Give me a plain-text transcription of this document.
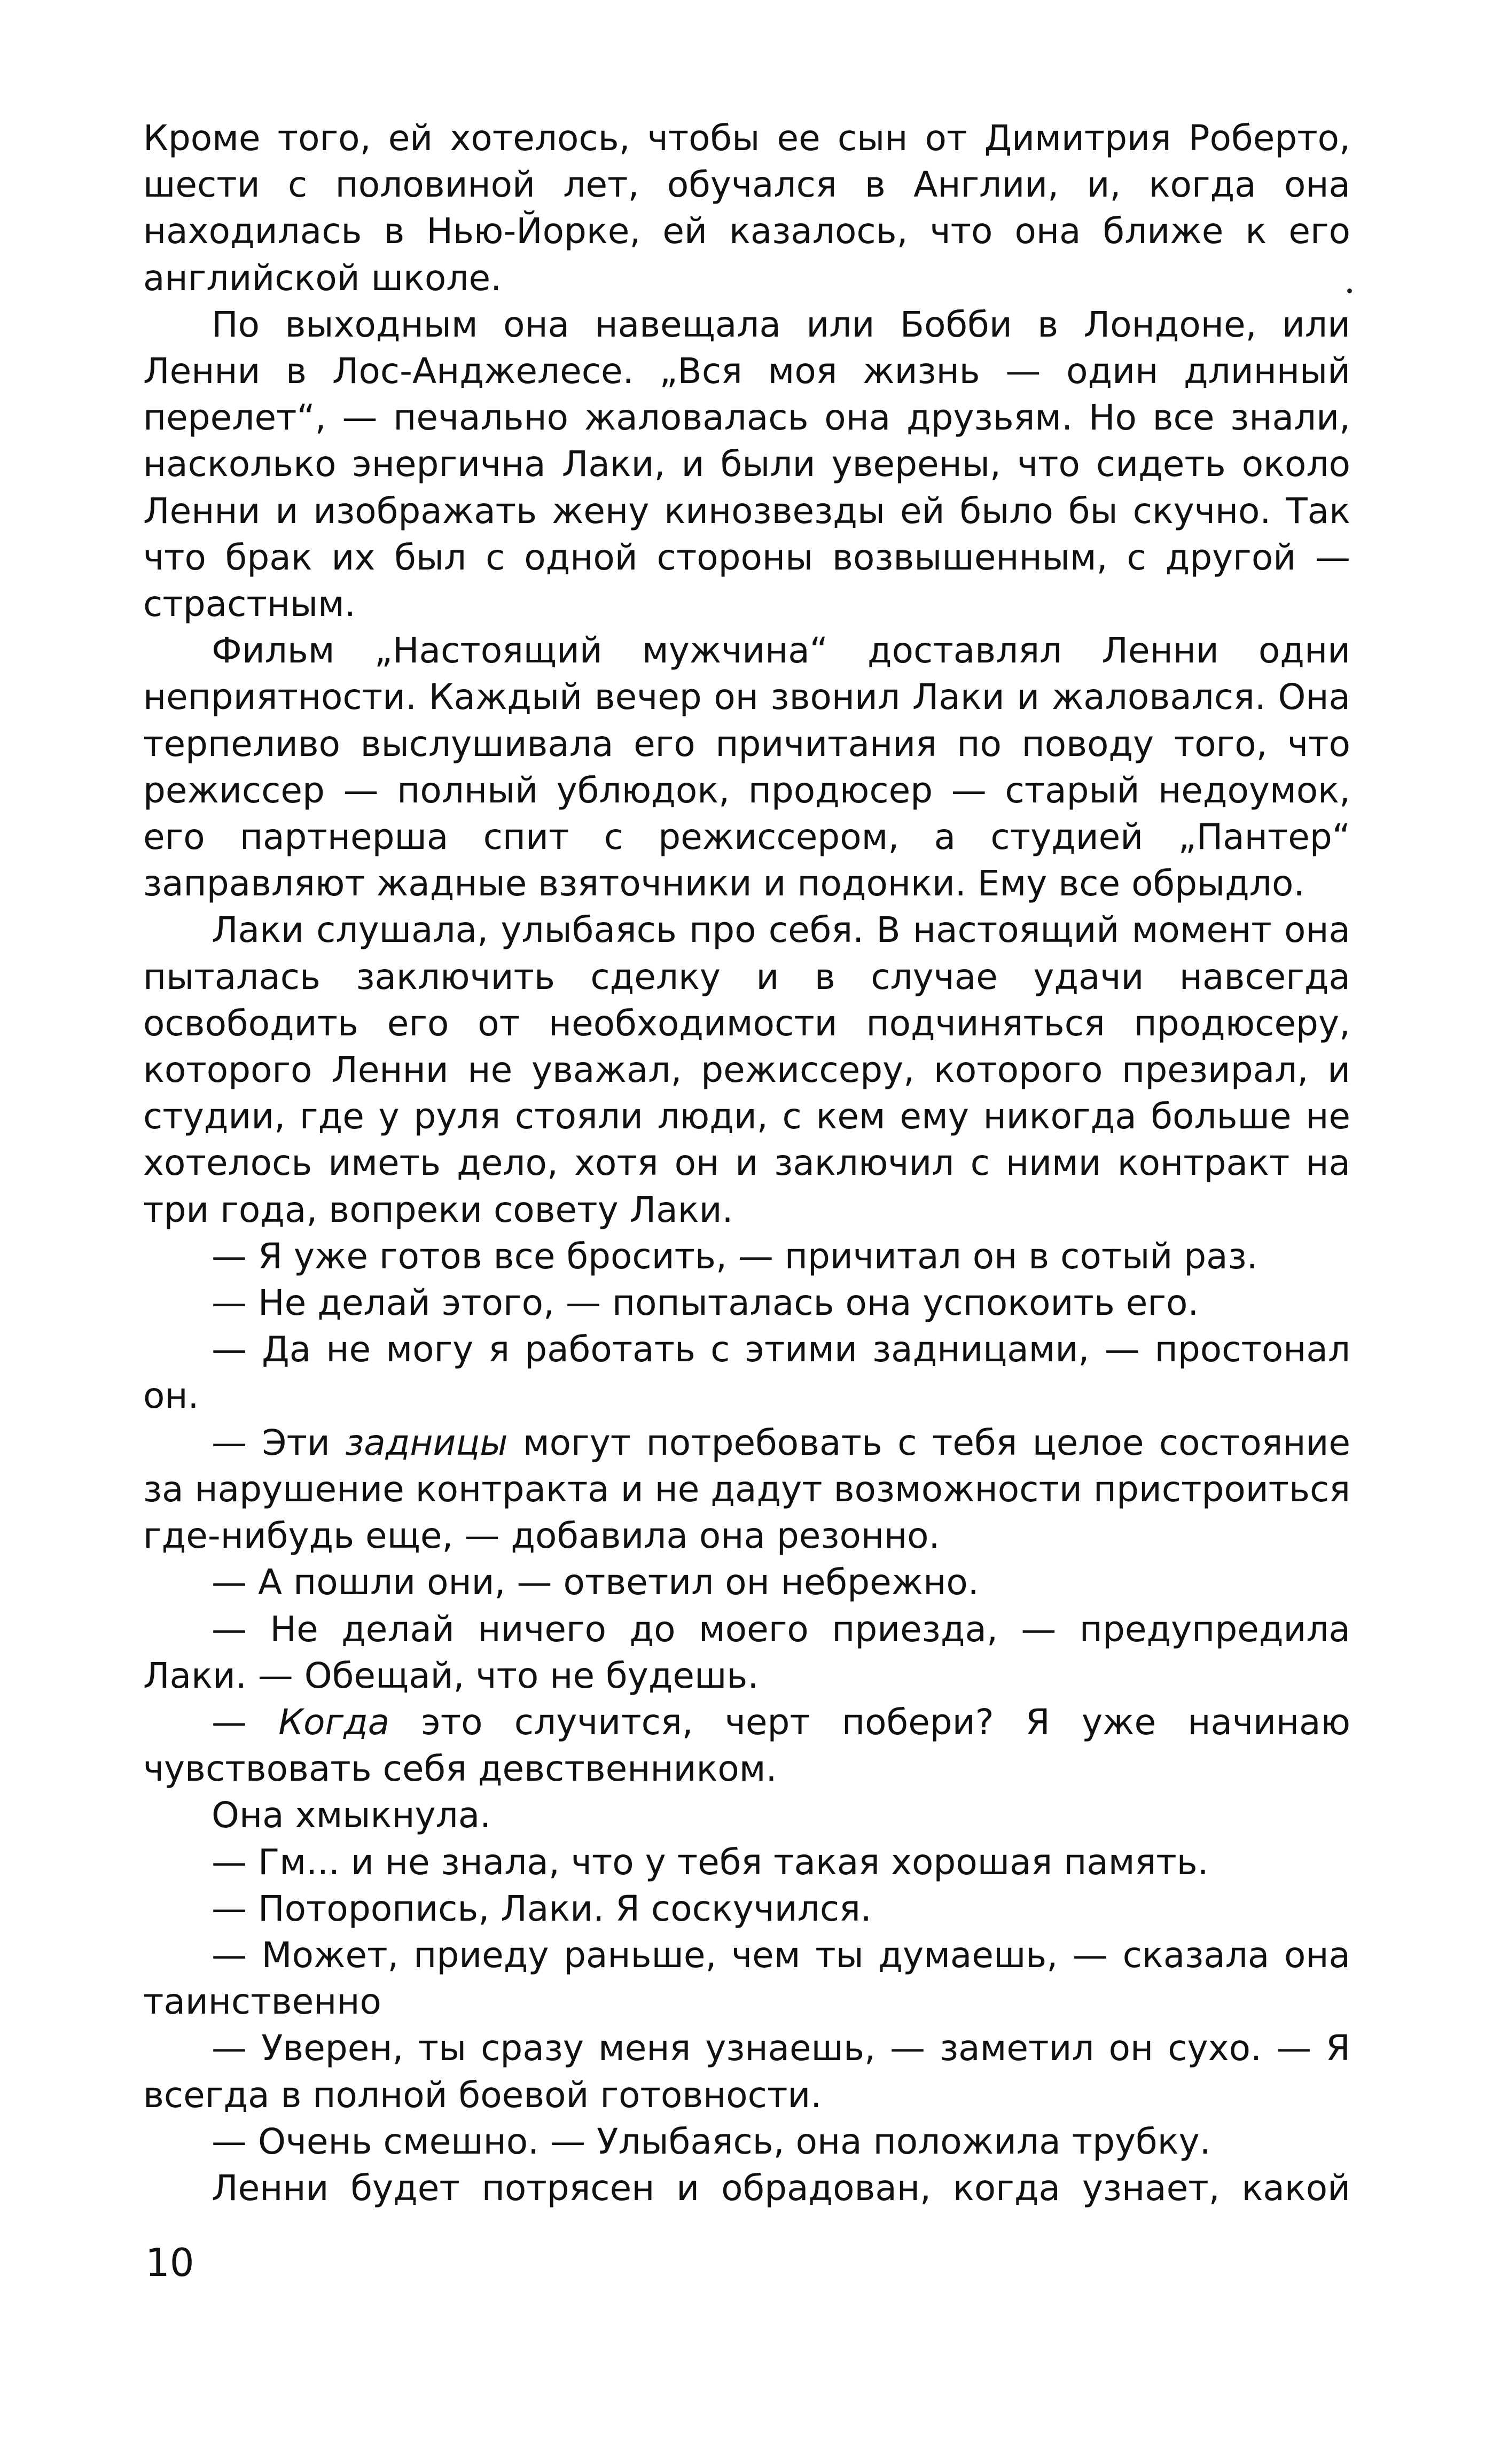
Кроме того, ей хотелось, чтобы ее сын от Димитрия Роберто, шести с половиной лет, обучался в Англии, и, когда она находилась в Нью-Йорке, ей казалось, что она ближе к его английской школе.

По выходным она навещала или Бобби в Лондоне, или Ленни в Лос-Анджелесе. „Вся моя жизнь — один длинный перелет“, — печально жаловалась она друзьям. Но все знали, насколько энергична Лаки, и были уверены, что сидеть около Ленни и изображать жену кинозвезды ей было бы скучно. Так что брак их был с одной стороны возвышенным, с другой — страстным.

Фильм „Настоящий мужчина“ доставлял Ленни одни неприятности. Каждый вечер он звонил Лаки и жаловался. Она терпеливо выслушивала его причитания по поводу того, что режиссер — полный ублюдок, продюсер — старый недоумок, его партнерша спит с режиссером, а студией „Пантер“ заправляют жадные взяточники и подонки. Ему все обрыдло.

Лаки слушала, улыбаясь про себя. В настоящий момент она пыталась заключить сделку и в случае удачи навсегда освободить его от необходимости подчиняться продюсеру, которого Ленни не уважал, режиссеру, которого презирал, и студии, где у руля стояли люди, с кем ему никогда больше не хотелось иметь дело, хотя он и заключил с ними контракт на три года, вопреки совету Лаки.

— Я уже готов все бросить, — причитал он в сотый раз.

— Не делай этого, — попыталась она успокоить его.

— Да не могу я работать с этими задницами, — простонал он.

— Эти задницы могут потребовать с тебя целое состояние за нарушение контракта и не дадут возможности пристроиться где-нибудь еще, — добавила она резонно.

— А пошли они, — ответил он небрежно.

— Не делай ничего до моего приезда, — предупредила Лаки. — Обещай, что не будешь.

— Когда это случится, черт побери? Я уже начинаю чувствовать себя девственником.

Она хмыкнула.

— Гм... и не знала, что у тебя такая хорошая память.

— Поторопись, Лаки. Я соскучился.

— Может, приеду раньше, чем ты думаешь, — сказала она таинственно

— Уверен, ты сразу меня узнаешь, — заметил он сухо. — Я всегда в полной боевой готовности.

— Очень смешно. — Улыбаясь, она положила трубку.

Ленни будет потрясен и обрадован, когда узнает, какой

10
